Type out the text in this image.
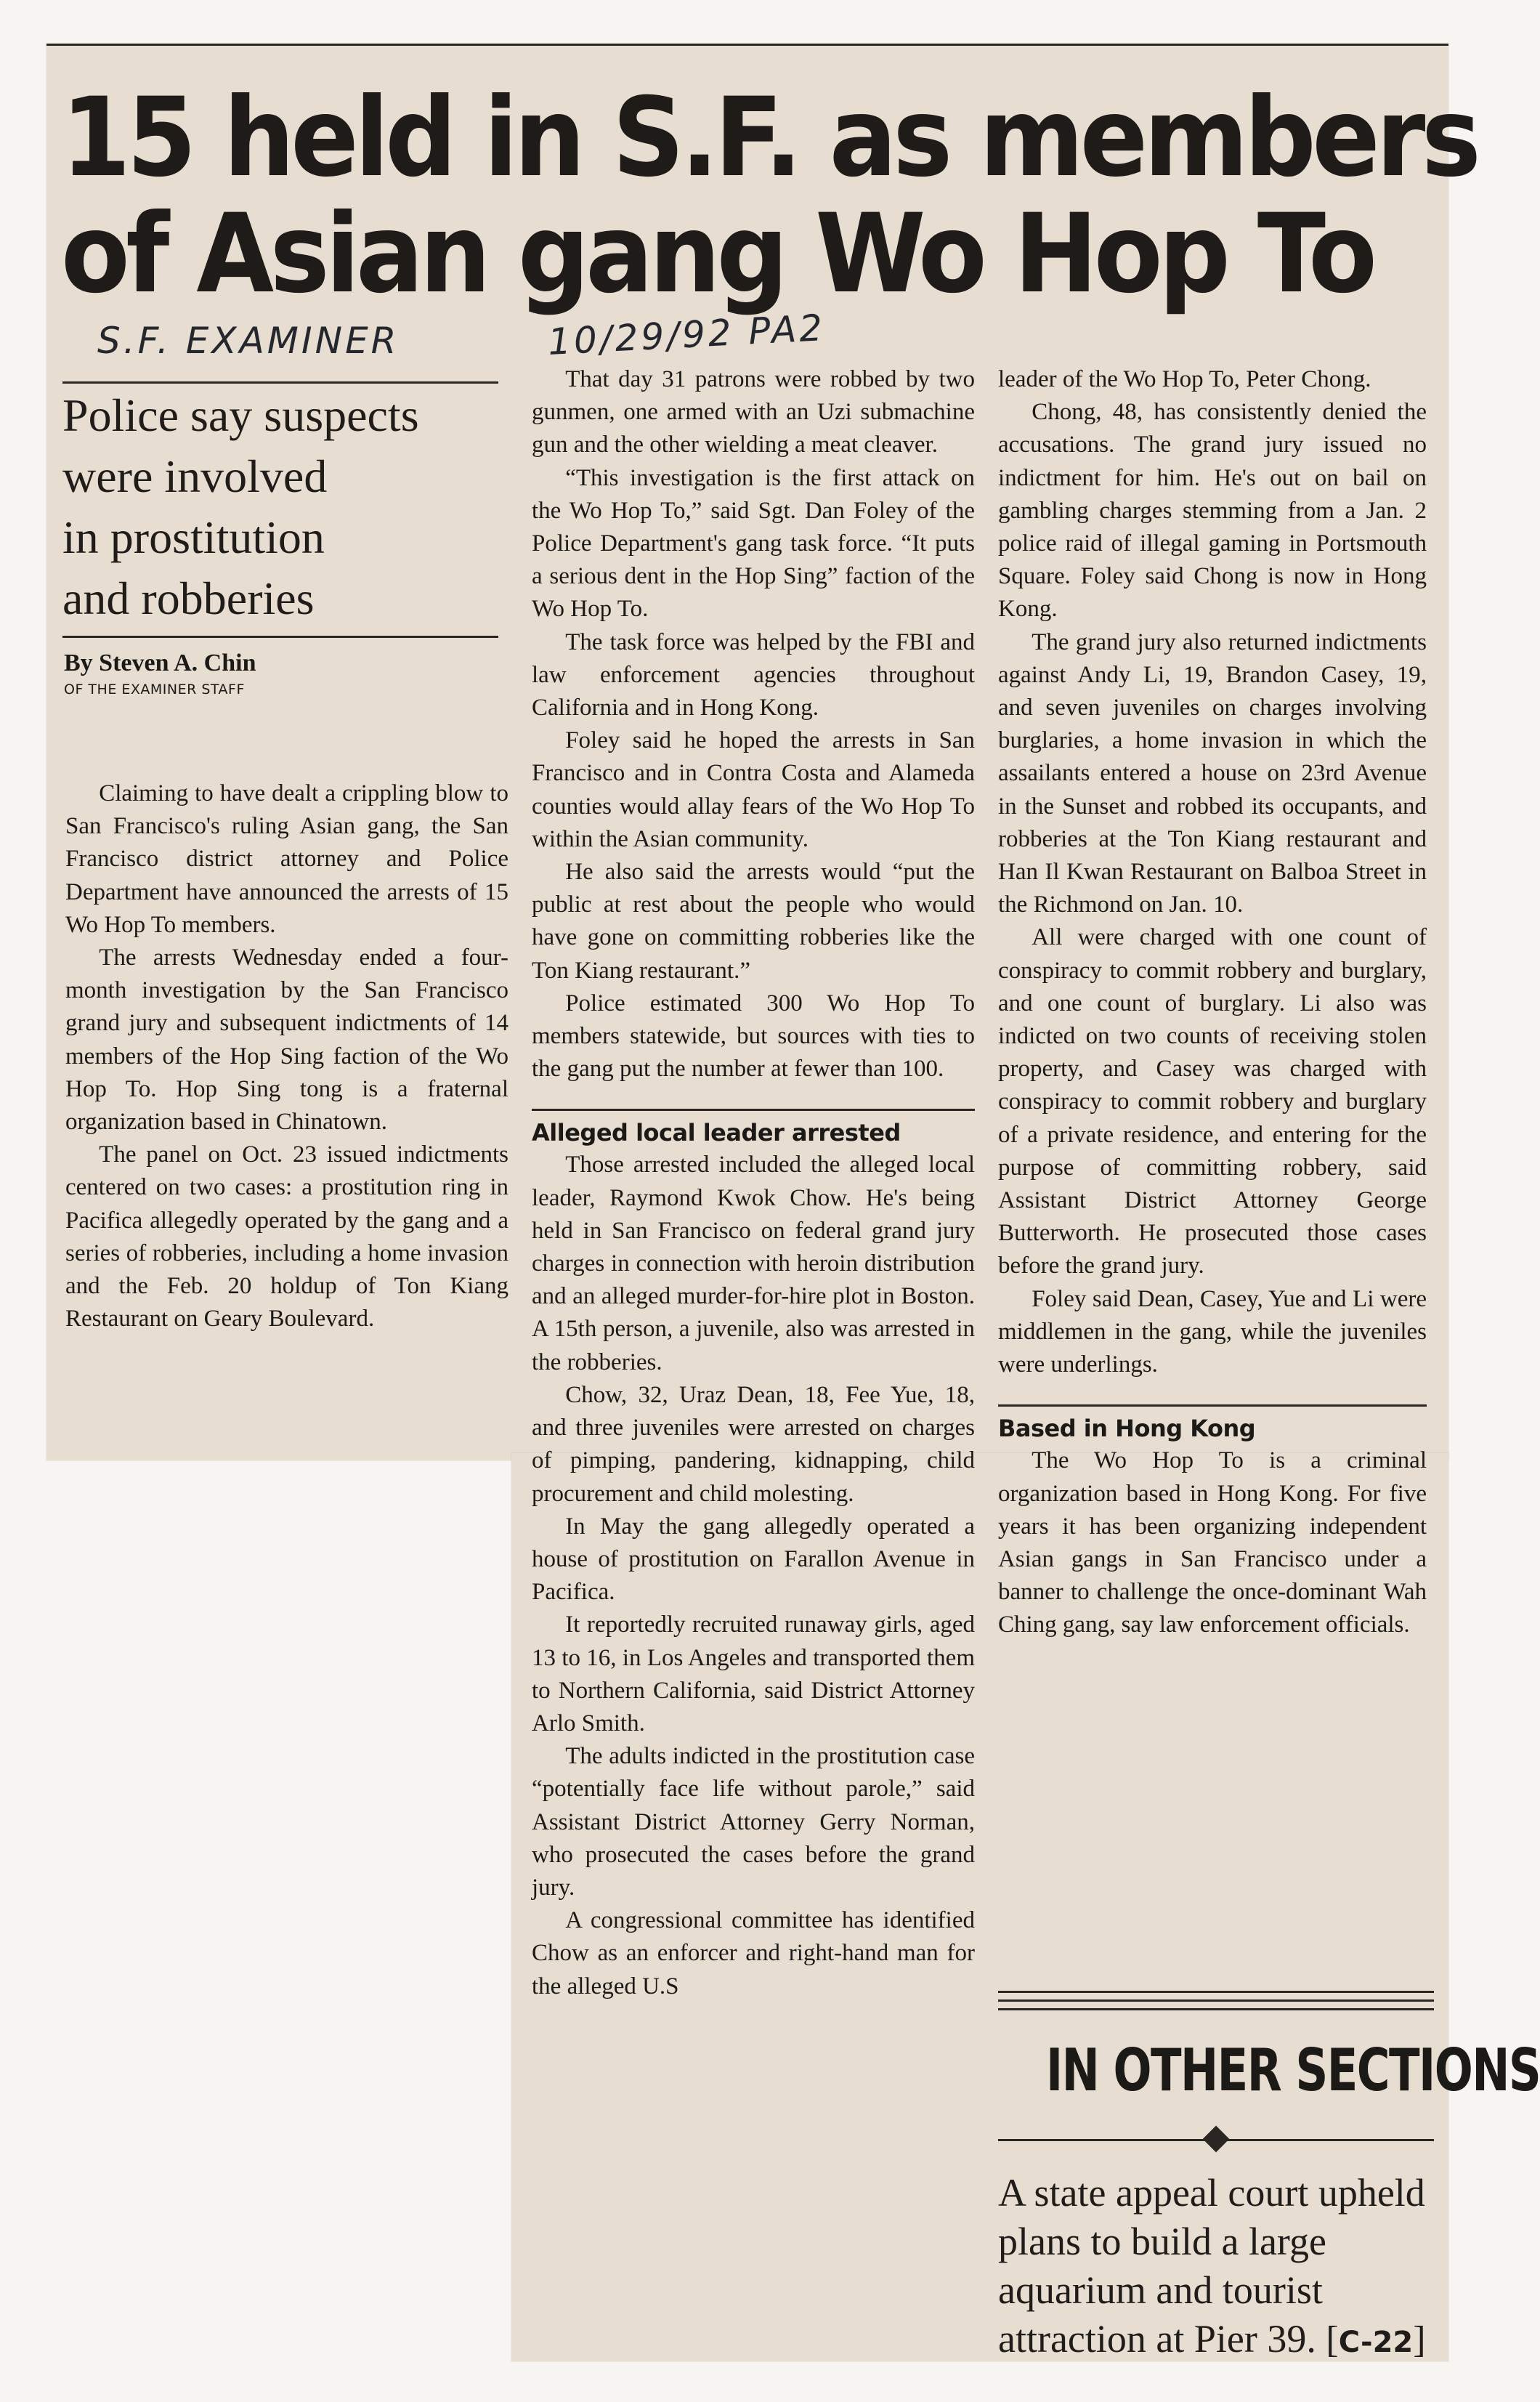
15 held in S.F. as members
of Asian gang Wo Hop To
S.F. EXAMINER	10/29/92 PA2
Police say suspects
were involved
in prostitution
and robberies
By Steven A. Chin
OF THE EXAMINER STAFF

Claiming to have dealt a crippling blow to San Francisco's ruling Asian gang, the San Francisco district attorney and Police Department have announced the arrests of 15 Wo Hop To members.

The arrests Wednesday ended a four-month investigation by the San Francisco grand jury and subsequent indictments of 14 members of the Hop Sing faction of the Wo Hop To. Hop Sing tong is a fraternal organization based in Chinatown.

The panel on Oct. 23 issued indictments centered on two cases: a prostitution ring in Pacifica allegedly operated by the gang and a series of robberies, including a home invasion and the Feb. 20 holdup of Ton Kiang Restaurant on Geary Boulevard.

That day 31 patrons were robbed by two gunmen, one armed with an Uzi submachine gun and the other wielding a meat cleaver.

“This investigation is the first attack on the Wo Hop To,” said Sgt. Dan Foley of the Police Department's gang task force. “It puts a serious dent in the Hop Sing” faction of the Wo Hop To.

The task force was helped by the FBI and law enforcement agencies throughout California and in Hong Kong.

Foley said he hoped the arrests in San Francisco and in Contra Costa and Alameda counties would allay fears of the Wo Hop To within the Asian community.

He also said the arrests would “put the public at rest about the people who would have gone on committing robberies like the Ton Kiang restaurant.”

Police estimated 300 Wo Hop To members statewide, but sources with ties to the gang put the number at fewer than 100.

Alleged local leader arrested

Those arrested included the alleged local leader, Raymond Kwok Chow. He's being held in San Francisco on federal grand jury charges in connection with heroin distribution and an alleged murder-for-hire plot in Boston. A 15th person, a juvenile, also was arrested in the robberies.

Chow, 32, Uraz Dean, 18, Fee Yue, 18, and three juveniles were arrested on charges of pimping, pandering, kidnapping, child procurement and child molesting.

In May the gang allegedly operated a house of prostitution on Farallon Avenue in Pacifica.

It reportedly recruited runaway girls, aged 13 to 16, in Los Angeles and transported them to Northern California, said District Attorney Arlo Smith.

The adults indicted in the prostitution case “potentially face life without parole,” said Assistant District Attorney Gerry Norman, who prosecuted the cases before the grand jury.

A congressional committee has identified Chow as an enforcer and right-hand man for the alleged U.S

leader of the Wo Hop To, Peter Chong.

Chong, 48, has consistently denied the accusations. The grand jury issued no indictment for him. He's out on bail on gambling charges stemming from a Jan. 2 police raid of illegal gaming in Portsmouth Square. Foley said Chong is now in Hong Kong.

The grand jury also returned indictments against Andy Li, 19, Brandon Casey, 19, and seven juveniles on charges involving burglaries, a home invasion in which the assailants entered a house on 23rd Avenue in the Sunset and robbed its occupants, and robberies at the Ton Kiang restaurant and Han Il Kwan Restaurant on Balboa Street in the Richmond on Jan. 10.

All were charged with one count of conspiracy to commit robbery and burglary, and one count of burglary. Li also was indicted on two counts of receiving stolen property, and Casey was charged with conspiracy to commit robbery and burglary of a private residence, and entering for the purpose of committing robbery, said Assistant District Attorney George Butterworth. He prosecuted those cases before the grand jury.

Foley said Dean, Casey, Yue and Li were middlemen in the gang, while the juveniles were underlings.

Based in Hong Kong

The Wo Hop To is a criminal organization based in Hong Kong. For five years it has been organizing independent Asian gangs in San Francisco under a banner to challenge the once-dominant Wah Ching gang, say law enforcement officials.

IN OTHER SECTIONS
A state appeal court upheld plans to build a large aquarium and tourist attraction at Pier 39. [C-22]
